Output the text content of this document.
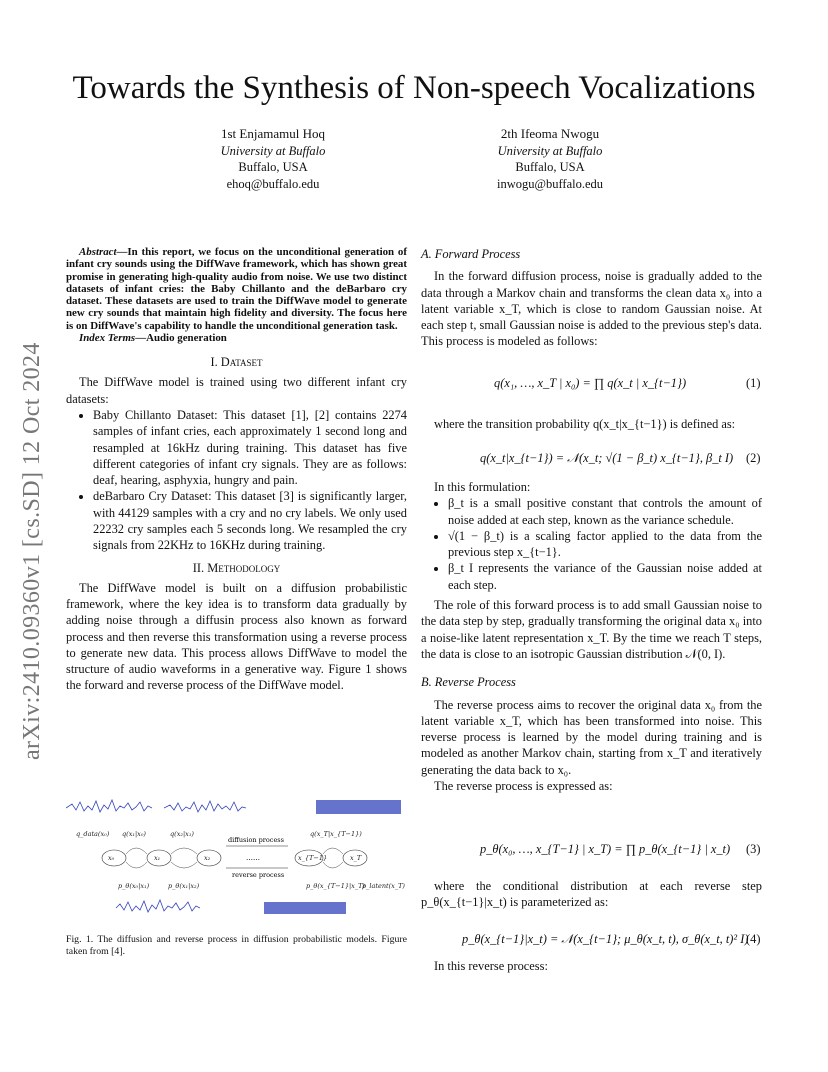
Towards the Synthesis of Non-speech Vocalizations
1st Enjamamul Hoq
University at Buffalo
Buffalo, USA
ehoq@buffalo.edu
2th Ifeoma Nwogu
University at Buffalo
Buffalo, USA
inwogu@buffalo.edu
arXiv:2410.09360v1 [cs.SD] 12 Oct 2024
Abstract—In this report, we focus on the unconditional generation of infant cry sounds using the DiffWave framework, which has shown great promise in generating high-quality audio from noise. We use two distinct datasets of infant cries: the Baby Chillanto and the deBarbaro cry dataset. These datasets are used to train the DiffWave model to generate new cry sounds that maintain high fidelity and diversity. The focus here is on DiffWave's capability to handle the unconditional generation task.
Index Terms—Audio generation
I. Dataset

The DiffWave model is trained using two different infant cry datasets:

• Baby Chillanto Dataset: This dataset [1], [2] contains 2274 samples of infant cries, each approximately 1 second long and resampled at 16kHz during training. This dataset has five different categories of infant cry signals. They are as follows: deaf, hearing, asphyxia, hungry and pain.
• deBarbaro Cry Dataset: This dataset [3] is significantly larger, with 44129 samples with a cry and no cry labels. We only used 22232 cry samples each 5 seconds long. We resampled the cry signals from 22KHz to 16KHz during training.
II. Methodology

The DiffWave model is built on a diffusion probabilistic framework, where the key idea is to transform data gradually by adding noise through a diffusin process also known as forward process and then reverse this transformation using a reverse process to generate new data. This process allows DiffWave to model the structure of audio waveforms in a generative way. Figure 1 shows the forward and reverse process of the DiffWave model.

q_data(x₀) q(x₁|x₀)	q(x₂|x₁)	q(x_T|x_{T−1})
diffusion process
……
reverse process
x₀	x₁	x₂	x_{T−1}	x_T
p_θ(x₀|x₁)	p_θ(x₁|x₂)	p_θ(x_{T−1}|x_T)
p_latent(x_T)
Fig. 1. The diffusion and reverse process in diffusion probabilistic models. Figure taken from [4].
A. Forward Process

In the forward diffusion process, noise is gradually added to the data through a Markov chain and transforms the clean data x₀ into a latent variable x_T, which is close to random Gaussian noise. At each step t, small Gaussian noise is added to the previous step's data. This process is modeled as follows:

q(x₁, …, x_T | x₀) = ∏ q(x_t | x_{t−1})	(1)

where the transition probability q(x_t|x_{t−1}) is defined as:

q(x_t|x_{t−1}) = 𝒩(x_t; √(1 − β_t) x_{t−1}, β_t I) (2)

In this formulation:

• β_t is a small positive constant that controls the amount of noise added at each step, known as the variance schedule.
• √(1 − β_t) is a scaling factor applied to the data from the previous step x_{t−1}.
• β_t I represents the variance of the Gaussian noise added at each step.

The role of this forward process is to add small Gaussian noise to the data step by step, gradually transforming the original data x₀ into a noise-like latent representation x_T. By the time we reach T steps, the data is close to an isotropic Gaussian distribution 𝒩(0, I).

B. Reverse Process

The reverse process aims to recover the original data x₀ from the latent variable x_T, which has been transformed into noise. This reverse process is learned by the model during training and is modeled as another Markov chain, starting from x_T and iteratively generating the data back to x₀.

The reverse process is expressed as:

p_θ(x₀, …, x_{T−1} | x_T) = ∏ p_θ(x_{t−1} | x_t) (3)

where the conditional distribution at each reverse step p_θ(x_{t−1}|x_t) is parameterized as:

p_θ(x_{t−1}|x_t) = 𝒩(x_{t−1}; μ_θ(x_t, t), σ_θ(x_t, t)² I)
(4)

In this reverse process:
